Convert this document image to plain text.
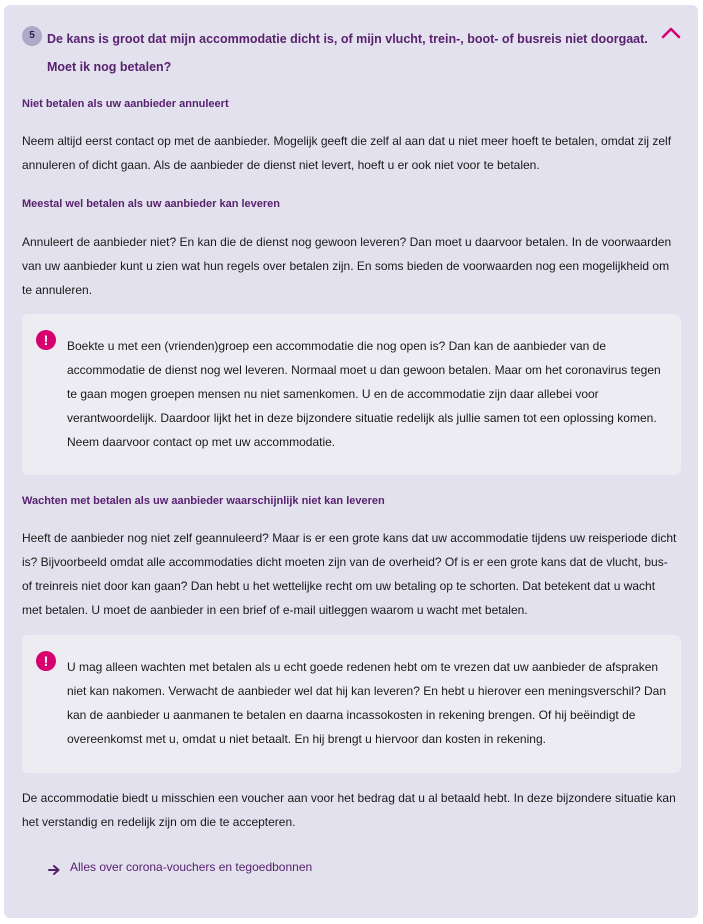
5 De kans is groot dat mijn accommodatie dicht is, of mijn vlucht, trein-, boot- of busreis niet doorgaat. Moet ik nog betalen?
Niet betalen als uw aanbieder annuleert

Neem altijd eerst contact op met de aanbieder. Mogelijk geeft die zelf al aan dat u niet meer hoeft te betalen, omdat zij zelf annuleren of dicht gaan. Als de aanbieder de dienst niet levert, hoeft u er ook niet voor te betalen.

Meestal wel betalen als uw aanbieder kan leveren

Annuleert de aanbieder niet? En kan die de dienst nog gewoon leveren? Dan moet u daarvoor betalen. In de voorwaarden van uw aanbieder kunt u zien wat hun regels over betalen zijn. En soms bieden de voorwaarden nog een mogelijkheid om te annuleren.

!	Boekte u met een (vrienden)groep een accommodatie die nog open is? Dan kan de aanbieder van de accommodatie de dienst nog wel leveren. Normaal moet u dan gewoon betalen. Maar om het coronavirus tegen te gaan mogen groepen mensen nu niet samenkomen. U en de accommodatie zijn daar allebei voor verantwoordelijk. Daardoor lijkt het in deze bijzondere situatie redelijk als jullie samen tot een oplossing komen. Neem daarvoor contact op met uw accommodatie.

Wachten met betalen als uw aanbieder waarschijnlijk niet kan leveren

Heeft de aanbieder nog niet zelf geannuleerd? Maar is er een grote kans dat uw accommodatie tijdens uw reisperiode dicht is? Bijvoorbeeld omdat alle accommodaties dicht moeten zijn van de overheid? Of is er een grote kans dat de vlucht, bus- of treinreis niet door kan gaan? Dan hebt u het wettelijke recht om uw betaling op te schorten. Dat betekent dat u wacht met betalen. U moet de aanbieder in een brief of e-mail uitleggen waarom u wacht met betalen.

!	U mag alleen wachten met betalen als u echt goede redenen hebt om te vrezen dat uw aanbieder de afspraken niet kan nakomen. Verwacht de aanbieder wel dat hij kan leveren? En hebt u hierover een meningsverschil? Dan kan de aanbieder u aanmanen te betalen en daarna incassokosten in rekening brengen. Of hij beëindigt de overeenkomst met u, omdat u niet betaalt. En hij brengt u hiervoor dan kosten in rekening.

De accommodatie biedt u misschien een voucher aan voor het bedrag dat u al betaald hebt. In deze bijzondere situatie kan het verstandig en redelijk zijn om die te accepteren.

Alles over corona-vouchers en tegoedbonnen
